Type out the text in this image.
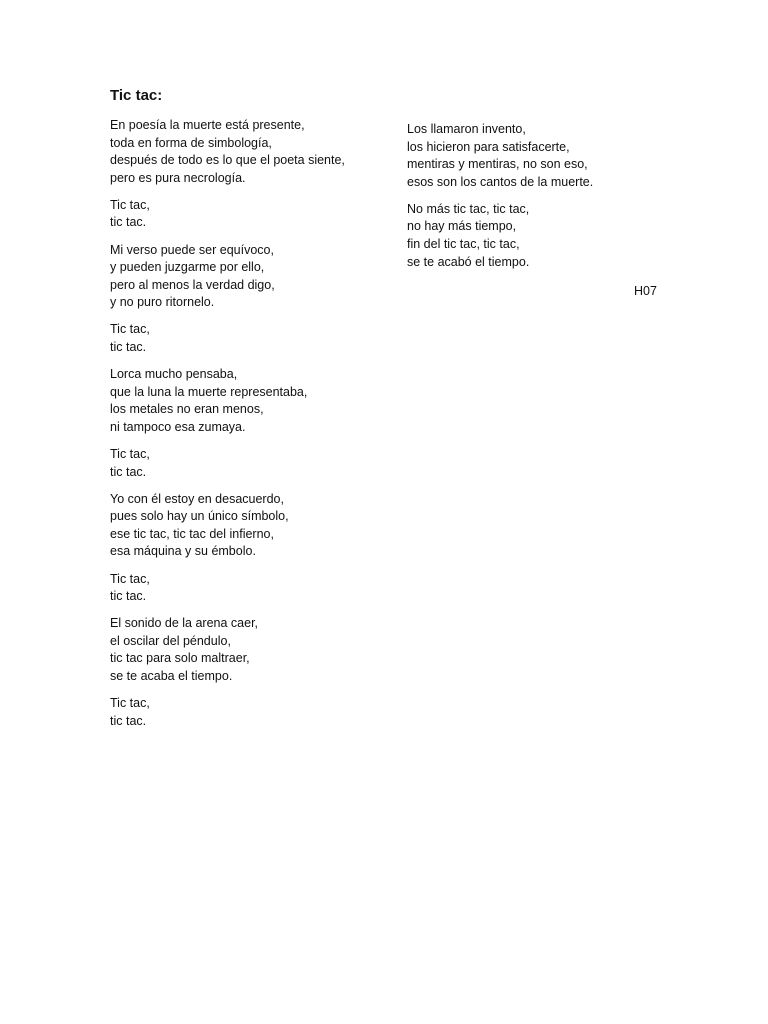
Tic tac:

En poesía la muerte está presente,
toda en forma de simbología,
después de todo es lo que el poeta siente,
pero es pura necrología.

Tic tac,
tic tac.

Mi verso puede ser equívoco,
y pueden juzgarme por ello,
pero al menos la verdad digo,
y no puro ritornelo.

Tic tac,
tic tac.

Lorca mucho pensaba,
que la luna la muerte representaba,
los metales no eran menos,
ni tampoco esa zumaya.

Tic tac,
tic tac.

Yo con él estoy en desacuerdo,
pues solo hay un único símbolo,
ese tic tac, tic tac del infierno,
esa máquina y su émbolo.

Tic tac,
tic tac.

El sonido de la arena caer,
el oscilar del péndulo,
tic tac para solo maltraer,
se te acaba el tiempo.

Tic tac,
tic tac.

Los llamaron invento,
los hicieron para satisfacerte,
mentiras y mentiras, no son eso,
esos son los cantos de la muerte.

No más tic tac, tic tac,
no hay más tiempo,
fin del tic tac, tic tac,
se te acabó el tiempo.

H07
